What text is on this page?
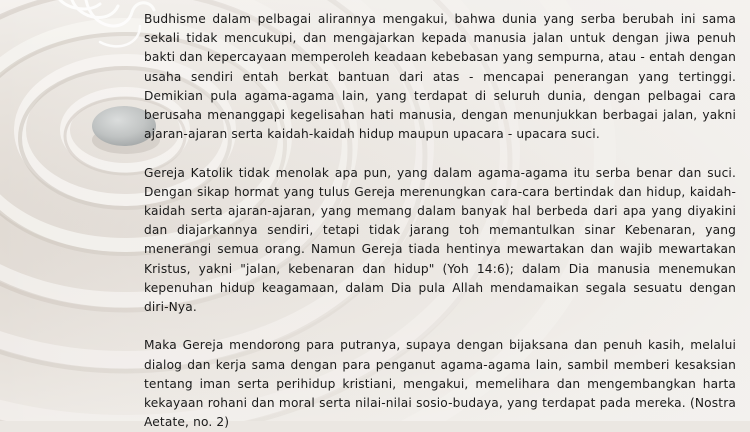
Budhisme dalam pelbagai alirannya mengakui, bahwa dunia yang serba berubah ini sama sekali tidak mencukupi, dan mengajarkan kepada manusia jalan untuk dengan jiwa penuh bakti dan kepercayaan memperoleh keadaan kebebasan yang sempurna, atau - entah dengan usaha sendiri entah berkat bantuan dari atas - mencapai penerangan yang tertinggi. Demikian pula agama-agama lain, yang terdapat di seluruh dunia, dengan pelbagai cara berusaha menanggapi kegelisahan hati manusia, dengan menunjukkan berbagai jalan, yakni ajaran-ajaran serta kaidah-kaidah hidup maupun upacara - upacara suci.

Gereja Katolik tidak menolak apa pun, yang dalam agama-agama itu serba benar dan suci. Dengan sikap hormat yang tulus Gereja merenungkan cara-cara bertindak dan hidup, kaidah-kaidah serta ajaran-ajaran, yang memang dalam banyak hal berbeda dari apa yang diyakini dan diajarkannya sendiri, tetapi tidak jarang toh memantulkan sinar Kebenaran, yang menerangi semua orang. Namun Gereja tiada hentinya mewartakan dan wajib mewartakan Kristus, yakni "jalan, kebenaran dan hidup" (Yoh 14:6); dalam Dia manusia menemukan kepenuhan hidup keagamaan, dalam Dia pula Allah mendamaikan segala sesuatu dengan diri-Nya.

Maka Gereja mendorong para putranya, supaya dengan bijaksana dan penuh kasih, melalui dialog dan kerja sama dengan para penganut agama-agama lain, sambil memberi kesaksian tentang iman serta perihidup kristiani, mengakui, memelihara dan mengembangkan harta kekayaan rohani dan moral serta nilai-nilai sosio-budaya, yang terdapat pada mereka. (Nostra Aetate, no. 2)
